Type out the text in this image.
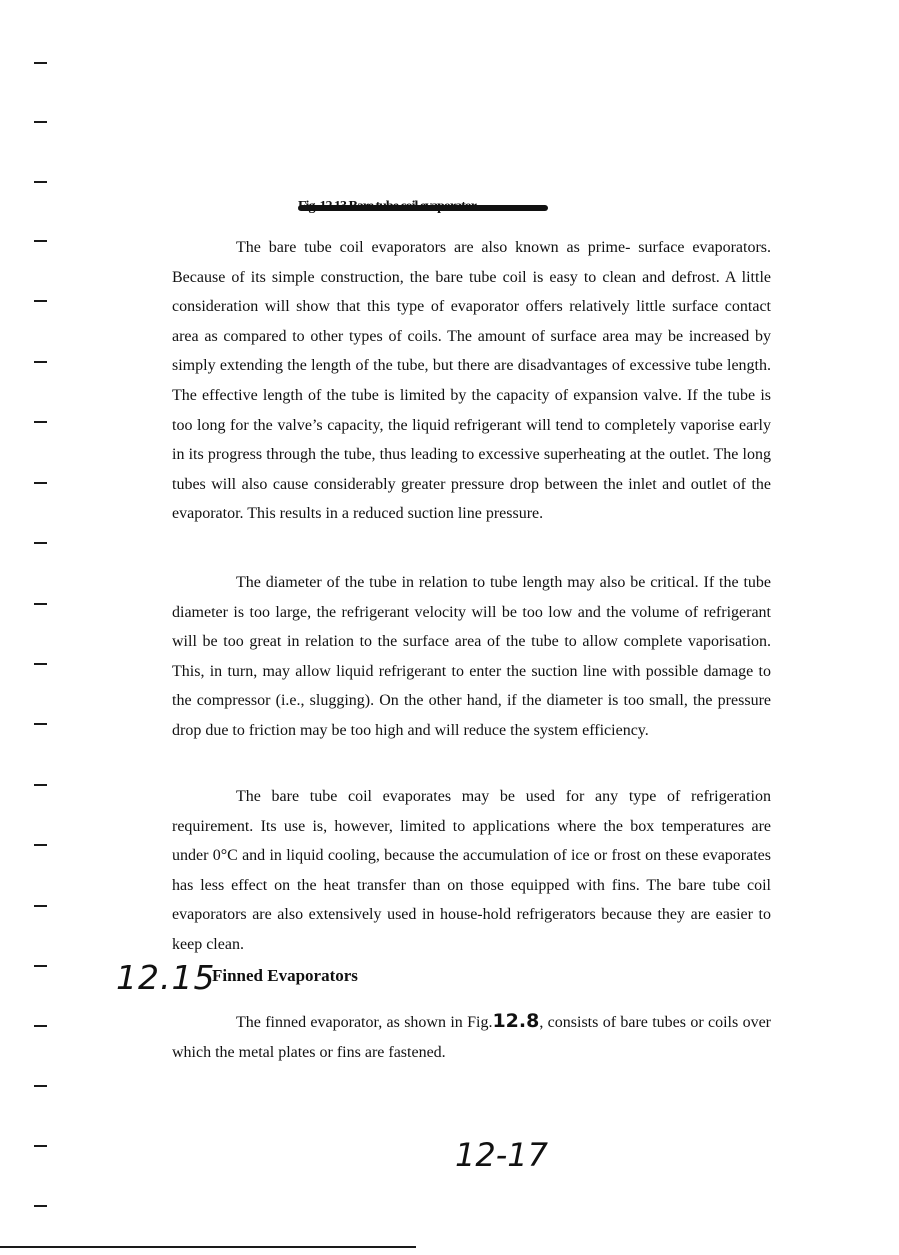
The bare tube coil evaporators are also known as prime- surface evaporators. Because of its simple construction, the bare tube coil is easy to clean and defrost. A little consideration will show that this type of evaporator offers relatively little surface contact area as compared to other types of coils. The amount of surface area may be increased by simply extending the length of the tube, but there are disadvantages of excessive tube length. The effective length of the tube is limited by the capacity of expansion valve. If the tube is too long for the valve’s capacity, the liquid refrigerant will tend to completely vaporise early in its progress through the tube, thus leading to excessive superheating at the outlet. The long tubes will also cause considerably greater pressure drop between the inlet and outlet of the evaporator. This results in a reduced suction line pressure.

The diameter of the tube in relation to tube length may also be critical. If the tube diameter is too large, the refrigerant velocity will be too low and the volume of refrigerant will be too great in relation to the surface area of the tube to allow complete vaporisation. This, in turn, may allow liquid refrigerant to enter the suction line with possible damage to the compressor (i.e., slugging). On the other hand, if the diameter is too small, the pressure drop due to friction may be too high and will reduce the system efficiency.

The bare tube coil evaporates may be used for any type of refrigeration requirement. Its use is, however, limited to applications where the box temperatures are under 0°C and in liquid cooling, because the accumulation of ice or frost on these evaporates has less effect on the heat transfer than on those equipped with fins. The bare tube coil evaporators are also extensively used in house-hold refrigerators because they are easier to keep clean.

12.15
Finned Evaporators

The finned evaporator, as shown in Fig.12.8, consists of bare tubes or coils over which the metal plates or fins are fastened.

12-17
